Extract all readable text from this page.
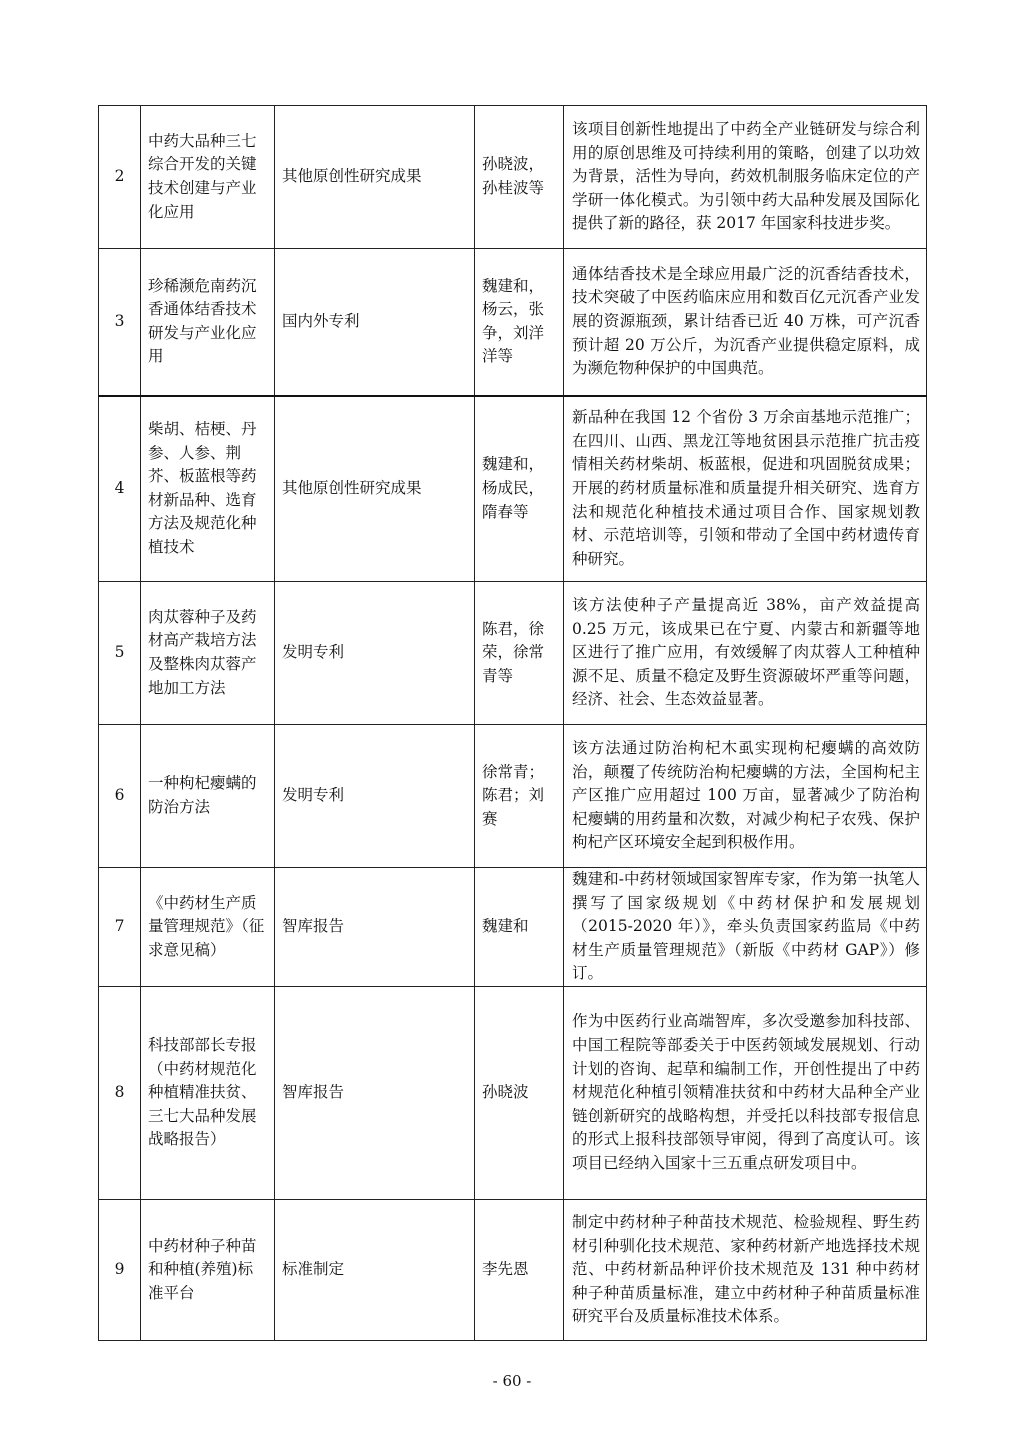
2	中药大品种三七综合开发的关键技术创建与产业化应用	其他原创性研究成果	孙晓波，孙桂波等	该项目创新性地提出了中药全产业链研发与综合利用的原创思维及可持续利用的策略，创建了以功效为背景，活性为导向，药效机制服务临床定位的产学研一体化模式。为引领中药大品种发展及国际化提供了新的路径，获 2017 年国家科技进步奖。
3	珍稀濒危南药沉香通体结香技术研发与产业化应用	国内外专利	魏建和，杨云，张争，刘洋洋等	通体结香技术是全球应用最广泛的沉香结香技术，技术突破了中医药临床应用和数百亿元沉香产业发展的资源瓶颈，累计结香已近 40 万株，可产沉香预计超 20 万公斤，为沉香产业提供稳定原料，成为濒危物种保护的中国典范。
4	柴胡、桔梗、丹参、人参、荆芥、板蓝根等药材新品种、选育方法及规范化种植技术	其他原创性研究成果	魏建和，杨成民，隋春等	新品种在我国 12 个省份 3 万余亩基地示范推广；在四川、山西、黑龙江等地贫困县示范推广抗击疫情相关药材柴胡、板蓝根，促进和巩固脱贫成果；开展的药材质量标准和质量提升相关研究、选育方法和规范化种植技术通过项目合作、国家规划教材、示范培训等，引领和带动了全国中药材遗传育种研究。
5	肉苁蓉种子及药材高产栽培方法及整株肉苁蓉产地加工方法	发明专利	陈君，徐荣，徐常青等	该方法使种子产量提高近 38%，亩产效益提高 0.25 万元，该成果已在宁夏、内蒙古和新疆等地区进行了推广应用，有效缓解了肉苁蓉人工种植种源不足、质量不稳定及野生资源破坏严重等问题，经济、社会、生态效益显著。
6	一种枸杞瘿螨的防治方法	发明专利	徐常青；陈君；刘赛	该方法通过防治枸杞木虱实现枸杞瘿螨的高效防治，颠覆了传统防治枸杞瘿螨的方法，全国枸杞主产区推广应用超过 100 万亩，显著减少了防治枸杞瘿螨的用药量和次数，对减少枸杞子农残、保护枸杞产区环境安全起到积极作用。
7	《中药材生产质量管理规范》（征求意见稿）	智库报告	魏建和	魏建和-中药材领域国家智库专家，作为第一执笔人撰写了国家级规划《中药材保护和发展规划（2015-2020 年）》，牵头负责国家药监局《中药材生产质量管理规范》（新版《中药材 GAP》）修订。
8	科技部部长专报（中药材规范化种植精准扶贫、三七大品种发展战略报告）	智库报告	孙晓波	作为中医药行业高端智库，多次受邀参加科技部、中国工程院等部委关于中医药领域发展规划、行动计划的咨询、起草和编制工作，开创性提出了中药材规范化种植引领精准扶贫和中药材大品种全产业链创新研究的战略构想，并受托以科技部专报信息的形式上报科技部领导审阅，得到了高度认可。该项目已经纳入国家十三五重点研发项目中。
9	中药材种子种苗和种植(养殖)标准平台	标准制定	李先恩	制定中药材种子种苗技术规范、检验规程、野生药材引种驯化技术规范、家种药材新产地选择技术规范、中药材新品种评价技术规范及 131 种中药材种子种苗质量标准，建立中药材种子种苗质量标准研究平台及质量标准技术体系。
- 60 -
